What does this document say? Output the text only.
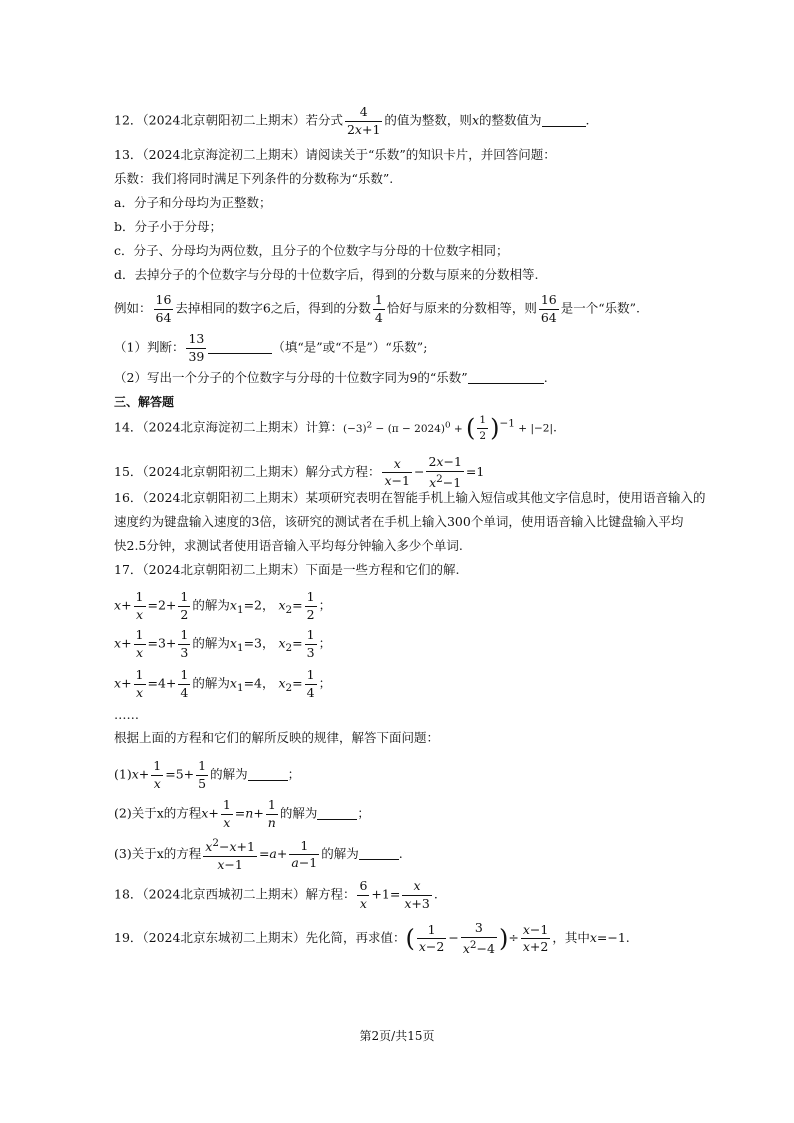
12．（2024北京朝阳初二上期末）若分式 $\frac{4}{2x+1}$ 的值为整数，则x的整数值为	.
13．（2024北京海淀初二上期末）请阅读关于“乐数”的知识卡片，并回答问题：
乐数：我们将同时满足下列条件的分数称为“乐数”.
a．分子和分母均为正整数；
b．分子小于分母；
c．分子、分母均为两位数，且分子的个位数字与分母的十位数字相同；
d．去掉分子的个位数字与分母的十位数字后，得到的分数与原来的分数相等.
例如： $\frac{16}{64}$ 去掉相同的数字6之后，得到的分数 $\frac{1}{4}$ 恰好与原来的分数相等，则 $\frac{16}{64}$ 是一个“乐数”.
（1）判断： $\frac{13}{39}$	（填“是”或“不是”）“乐数”;
（2）写出一个分子的个位数字与分母的十位数字同为9的“乐数”	.
三、解答题
14．（2024北京海淀初二上期末）计算：$(-3)^2 - (\pi - 2024)^0$ + ( $\frac{1}{2} )^{-1} + |-2|$.
15．（2024北京朝阳初二上期末）解分式方程： $\frac{x}{x-1} - \frac{2x-1}{x^2-1} =1$
16．（2024北京朝阳初二上期末）某项研究表明在智能手机上输入短信或其他文字信息时，使用语音输入的
速度约为键盘输入速度的3倍，该研究的测试者在手机上输入300个单词，使用语音输入比键盘输入平均
快2.5分钟，求测试者使用语音输入平均每分钟输入多少个单词.
17．（2024北京朝阳初二上期末）下面是一些方程和它们的解.
$x+ \frac{1}{x} =2+ \frac{1}{2}$ 的解为$x_1=2$， $x_2= \frac{1}{2}$ ；
$x+ \frac{1}{x} =3+ \frac{1}{3}$ 的解为$x_1=3$， $x_2= \frac{1}{3}$ ；
$x+ \frac{1}{x} =4+ \frac{1}{4}$ 的解为$x_1=4$， $x_2= \frac{1}{4}$ ；
……
根据上面的方程和它们的解所反映的规律，解答下面问题：
$(1)x+ \frac{1}{x} =5+ \frac{1}{5}$ 的解为	；
(2)关于x的方程$x+ \frac{1}{x} =n+ \frac{1}{n}$ 的解为	；
(3)关于x的方程 $\frac{x^2-x+1}{x-1} =a+ \frac{1}{a-1}$ 的解为	.
18．（2024北京西城初二上期末）解方程： $\frac{6}{x} +1= \frac{x}{x+3}$ .
19．（2024北京东城初二上期末）先化简，再求值：( $\frac{1}{x-2} - \frac{3}{x^2-4}$ )÷ $\frac{x-1}{x+2}$ ，其中x=−1.
第2页/共15页
